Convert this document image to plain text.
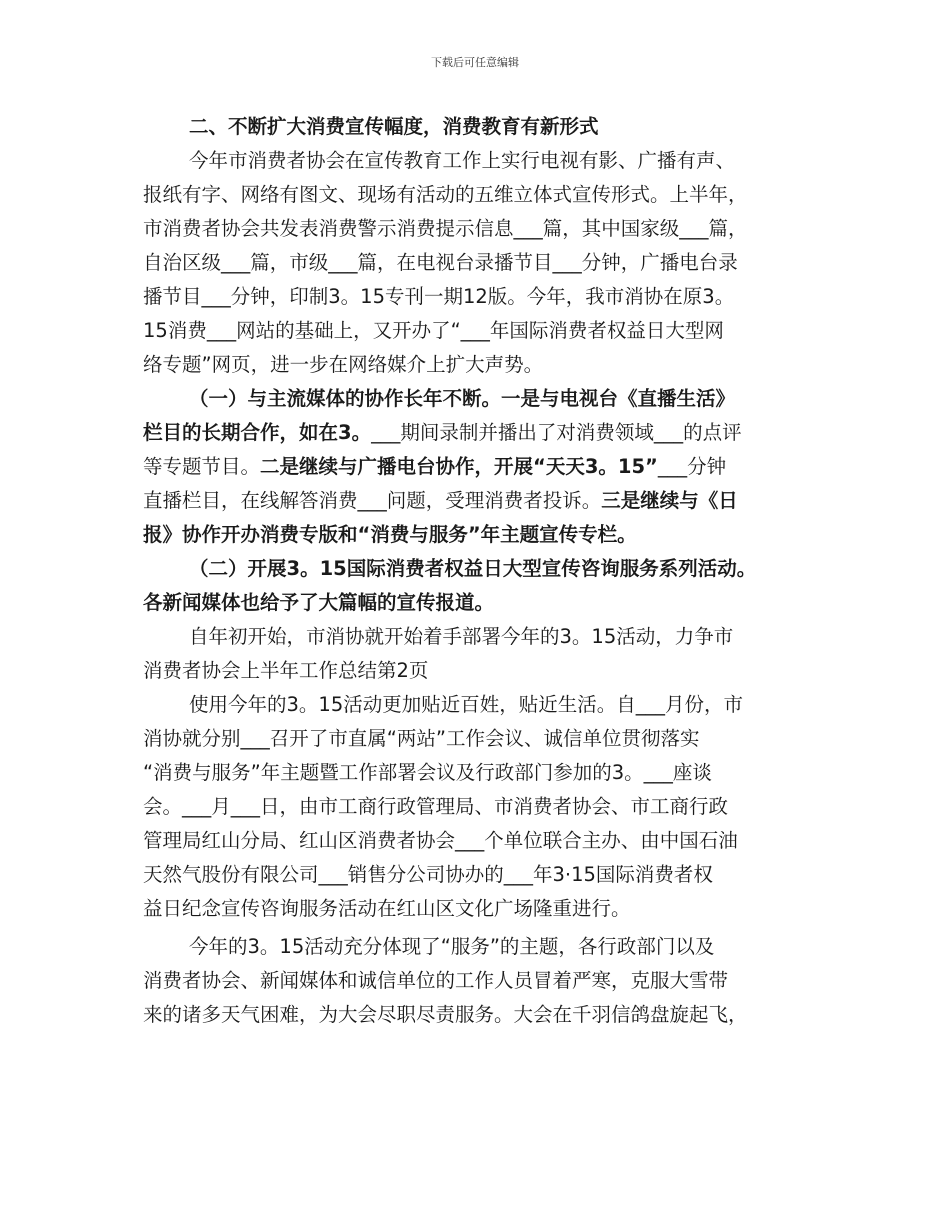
下载后可任意编辑
二、不断扩大消费宣传幅度，消费教育有新形式
今年市消费者协会在宣传教育工作上实行电视有影、广播有声、
报纸有字、网络有图文、现场有活动的五维立体式宣传形式。上半年，
市消费者协会共发表消费警示消费提示信息___篇，其中国家级___篇，
自治区级___篇，市级___篇，在电视台录播节目___分钟，广播电台录
播节目___分钟，印制3。15专刊一期12版。今年，我市消协在原3。
15消费___网站的基础上，又开办了“___年国际消费者权益日大型网
络专题”网页，进一步在网络媒介上扩大声势。
（一）与主流媒体的协作长年不断。一是与电视台《直播生活》
栏目的长期合作，如在3。___期间录制并播出了对消费领域___的点评
等专题节目。二是继续与广播电台协作，开展“天天3。15”___分钟
直播栏目，在线解答消费___问题，受理消费者投诉。三是继续与《日
报》协作开办消费专版和“消费与服务”年主题宣传专栏。
（二）开展3。15国际消费者权益日大型宣传咨询服务系列活动。
各新闻媒体也给予了大篇幅的宣传报道。
自年初开始，市消协就开始着手部署今年的3。15活动，力争市
消费者协会上半年工作总结第2页
使用今年的3。15活动更加贴近百姓，贴近生活。自___月份，市
消协就分别___召开了市直属“两站”工作会议、诚信单位贯彻落实
“消费与服务”年主题暨工作部署会议及行政部门参加的3。___座谈
会。___月___日，由市工商行政管理局、市消费者协会、市工商行政
管理局红山分局、红山区消费者协会___个单位联合主办、由中国石油
天然气股份有限公司___销售分公司协办的___年3·15国际消费者权
益日纪念宣传咨询服务活动在红山区文化广场隆重进行。
今年的3。15活动充分体现了“服务”的主题，各行政部门以及
消费者协会、新闻媒体和诚信单位的工作人员冒着严寒，克服大雪带
来的诸多天气困难，为大会尽职尽责服务。大会在千羽信鸽盘旋起飞，
